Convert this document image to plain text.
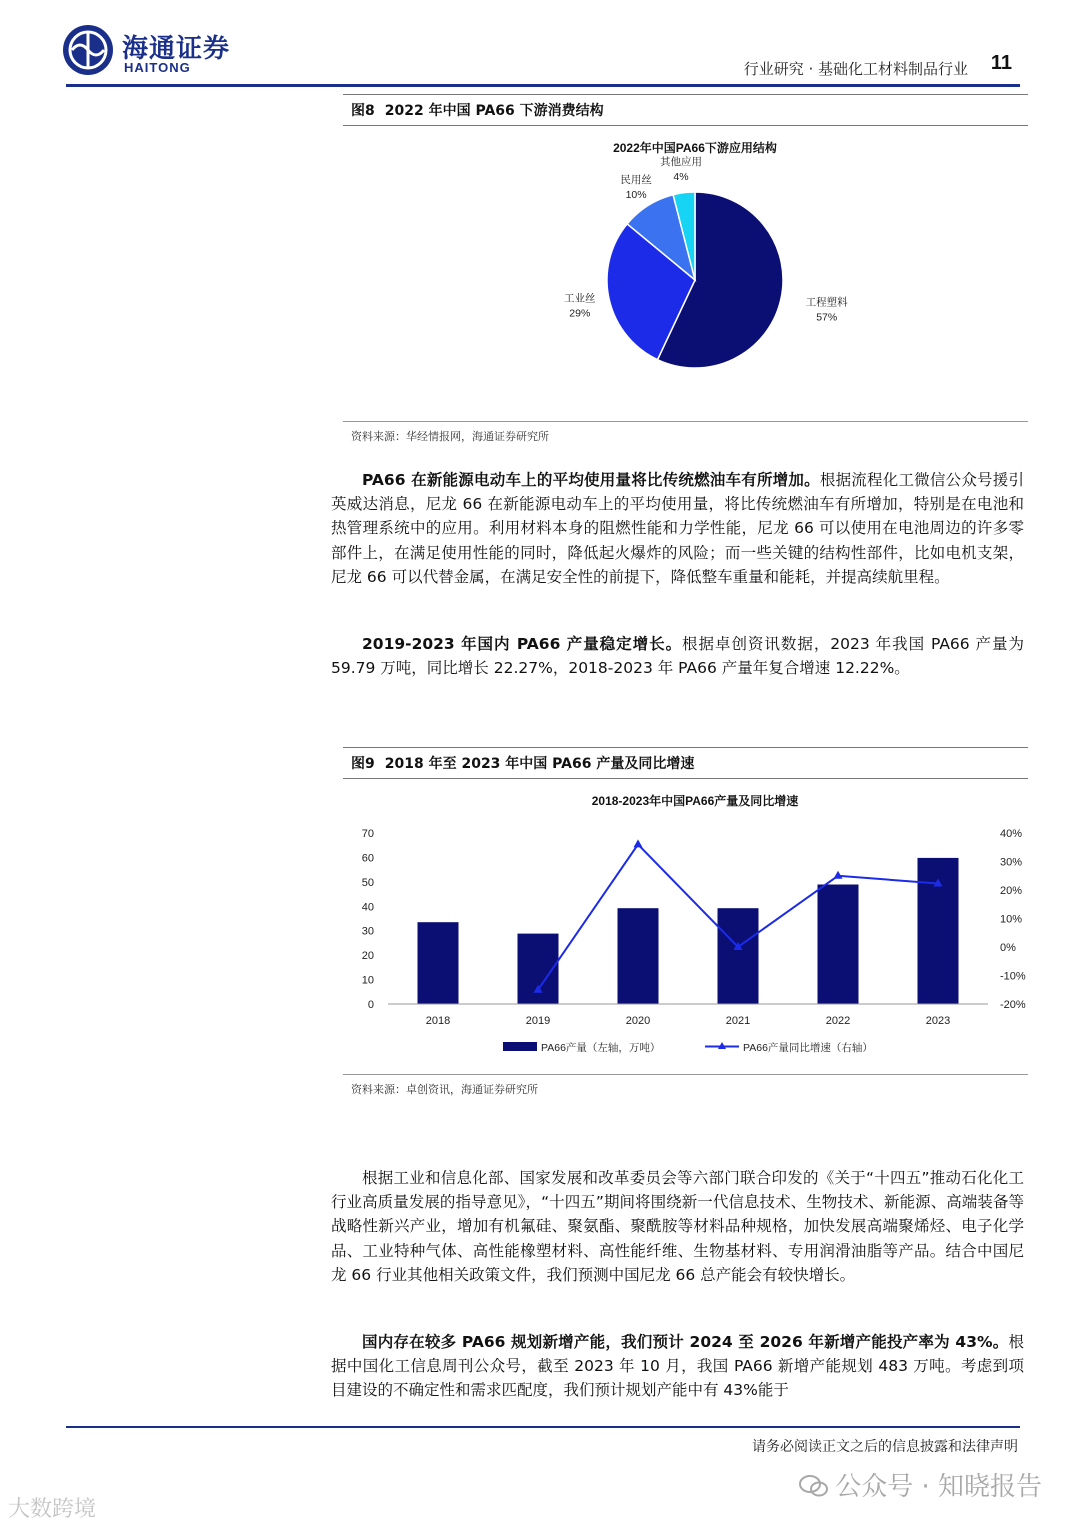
海通证券
HAITONG	行业研究 · 基础化工材料制品行业 11
图8 2022 年中国 PA66 下游消费结构
2022年中国PA66下游应用结构
工程塑料
57%
工业丝
29%
民用丝
10%
其他应用
4%
资料来源：华经情报网，海通证券研究所
PA66 在新能源电动车上的平均使用量将比传统燃油车有所增加。根据流程化工微信公众号援引英威达消息，尼龙 66 在新能源电动车上的平均使用量，将比传统燃油车有所增加，特别是在电池和热管理系统中的应用。利用材料本身的阻燃性能和力学性能，尼龙 66 可以使用在电池周边的许多零部件上，在满足使用性能的同时，降低起火爆炸的风险；而一些关键的结构性部件，比如电机支架，尼龙 66 可以代替金属，在满足安全性的前提下，降低整车重量和能耗，并提高续航里程。
2019-2023 年国内 PA66 产量稳定增长。根据卓创资讯数据，2023 年我国 PA66 产量为 59.79 万吨，同比增长 22.27%，2018-2023 年 PA66 产量年复合增速 12.22%。
图9 2018 年至 2023 年中国 PA66 产量及同比增速
2018-2023年中国PA66产量及同比增速
0
10
20
30
40
50
60
70
-20%
-10%
0%
10%
20%
30%
40%
2018	2019	2020	2021	2022	2023
PA66产量（左轴，万吨）	PA66产量同比增速（右轴）
资料来源：卓创资讯，海通证券研究所
根据工业和信息化部、国家发展和改革委员会等六部门联合印发的《关于“十四五”推动石化化工行业高质量发展的指导意见》，“十四五”期间将围绕新一代信息技术、生物技术、新能源、高端装备等战略性新兴产业，增加有机氟硅、聚氨酯、聚酰胺等材料品种规格，加快发展高端聚烯烃、电子化学品、工业特种气体、高性能橡塑材料、高性能纤维、生物基材料、专用润滑油脂等产品。结合中国尼龙 66 行业其他相关政策文件，我们预测中国尼龙 66 总产能会有较快增长。
国内存在较多 PA66 规划新增产能，我们预计 2024 至 2026 年新增产能投产率为 43%。根据中国化工信息周刊公众号，截至 2023 年 10 月，我国 PA66 新增产能规划 483 万吨。考虑到项目建设的不确定性和需求匹配度，我们预计规划产能中有 43%能于
请务必阅读正文之后的信息披露和法律声明
公众号 · 知晓报告
大数跨境
